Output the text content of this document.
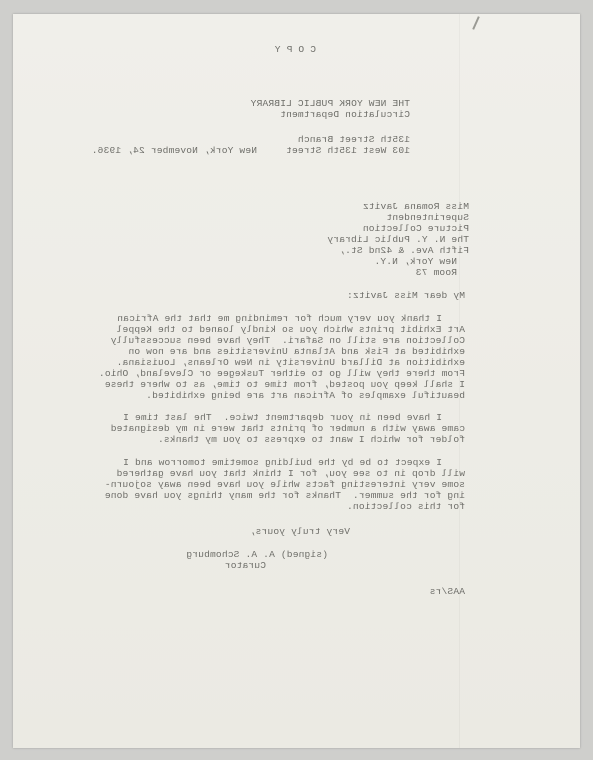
C O P Y
THE NEW YORK PUBLIC LIBRARY
Circulation Department
135th Street Branch
103 West 135th Street
New York, November 24, 1936.
Miss Romana Javitz
Superintendent
Picture Collection
The N. Y. Public Library
Fifth Ave. & 42nd St.,
New York, N.Y.
Room 73
My dear Miss Javitz:
I thank you very much for reminding me that the African
Art Exhibit prints which you so kindly loaned to the Keppel
Collection are still on Safari.  They have been successfully
exhibited at Fisk and Atlanta Universities and are now on
exhibition at Dillard University in New Orleans, Louisiana.
From there they will go to either Tuskegee or Cleveland, Ohio.
I shall keep you posted, from time to time, as to where these
beautiful examples of African art are being exhibited.
I have been in your department twice.  The last time I
came away with a number of prints that were in my designated
folder for which I want to express to you my thanks.
I expect to be by the building sometime tomorrow and I
will drop in to see you, for I think that you have gathered
some very interesting facts while you have been away sojourn-
ing for the summer.  Thanks for the many things you have done
for this collection.
Very truly yours,
(signed) A. A. Schomburg
Curator
AAS/rs
